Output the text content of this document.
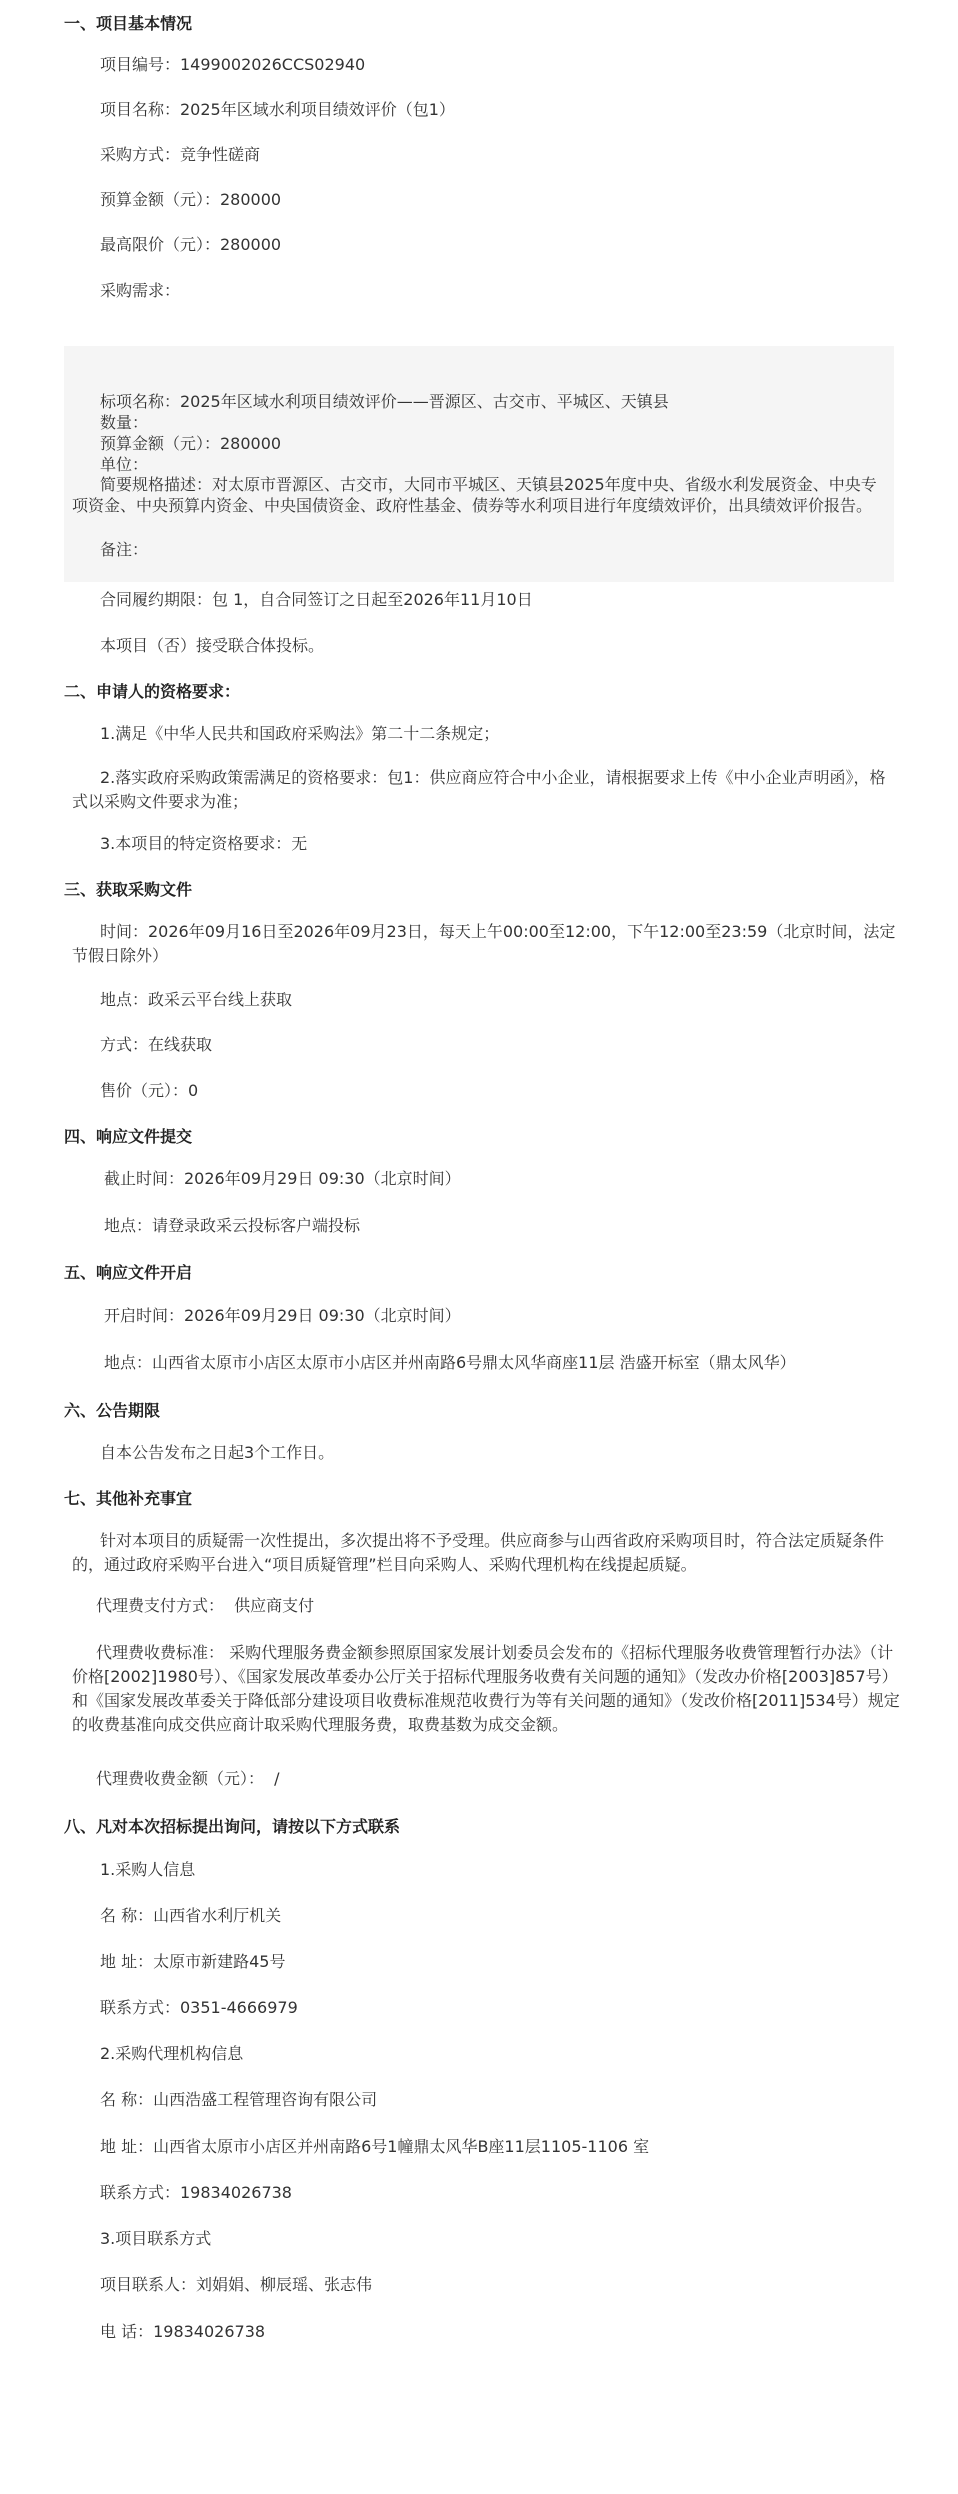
一、项目基本情况
项目编号：1499002026CCS02940
项目名称：2025年区域水利项目绩效评价（包1）
采购方式：竞争性磋商
预算金额（元）：280000
最高限价（元）：280000
采购需求：
标项名称：2025年区域水利项目绩效评价——晋源区、古交市、平城区、天镇县
数量：
预算金额（元）：280000
单位：
简要规格描述：对太原市晋源区、古交市，大同市平城区、天镇县2025年度中央、省级水利发展资金、中央专项资金、中央预算内资金、中央国债资金、政府性基金、债券等水利项目进行年度绩效评价，出具绩效评价报告。
备注：
合同履约期限：包 1，自合同签订之日起至2026年11月10日
本项目（否）接受联合体投标。
二、申请人的资格要求：
1.满足《中华人民共和国政府采购法》第二十二条规定；
2.落实政府采购政策需满足的资格要求：包1：供应商应符合中小企业，请根据要求上传《中小企业声明函》，格式以采购文件要求为准；
3.本项目的特定资格要求：无
三、获取采购文件
时间：2026年09月16日至2026年09月23日，每天上午00:00至12:00，下午12:00至23:59（北京时间，法定节假日除外）
地点：政采云平台线上获取
方式：在线获取
售价（元）：0
四、响应文件提交
截止时间：2026年09月29日 09:30（北京时间）
地点：请登录政采云投标客户端投标
五、响应文件开启
开启时间：2026年09月29日 09:30（北京时间）
地点：山西省太原市小店区太原市小店区并州南路6号鼎太风华商座11层 浩盛开标室（鼎太风华）
六、公告期限
自本公告发布之日起3个工作日。
七、其他补充事宜
针对本项目的质疑需一次性提出，多次提出将不予受理。供应商参与山西省政府采购项目时，符合法定质疑条件的，通过政府采购平台进入“项目质疑管理”栏目向采购人、采购代理机构在线提起质疑。
代理费支付方式：  供应商支付
代理费收费标准： 采购代理服务费金额参照原国家发展计划委员会发布的《招标代理服务收费管理暂行办法》（计价格[2002]1980号）、《国家发展改革委办公厅关于招标代理服务收费有关问题的通知》（发改办价格[2003]857号）和《国家发展改革委关于降低部分建设项目收费标准规范收费行为等有关问题的通知》（发改价格[2011]534号）规定的收费基准向成交供应商计取采购代理服务费，取费基数为成交金额。
代理费收费金额（元）：  /
八、凡对本次招标提出询问，请按以下方式联系
1.采购人信息
名 称：山西省水利厅机关
地 址：太原市新建路45号
联系方式：0351-4666979
2.采购代理机构信息
名 称：山西浩盛工程管理咨询有限公司
地 址：山西省太原市小店区并州南路6号1幢鼎太风华B座11层1105-1106 室
联系方式：19834026738
3.项目联系方式
项目联系人：刘娟娟、柳辰瑶、张志伟
电 话：19834026738
